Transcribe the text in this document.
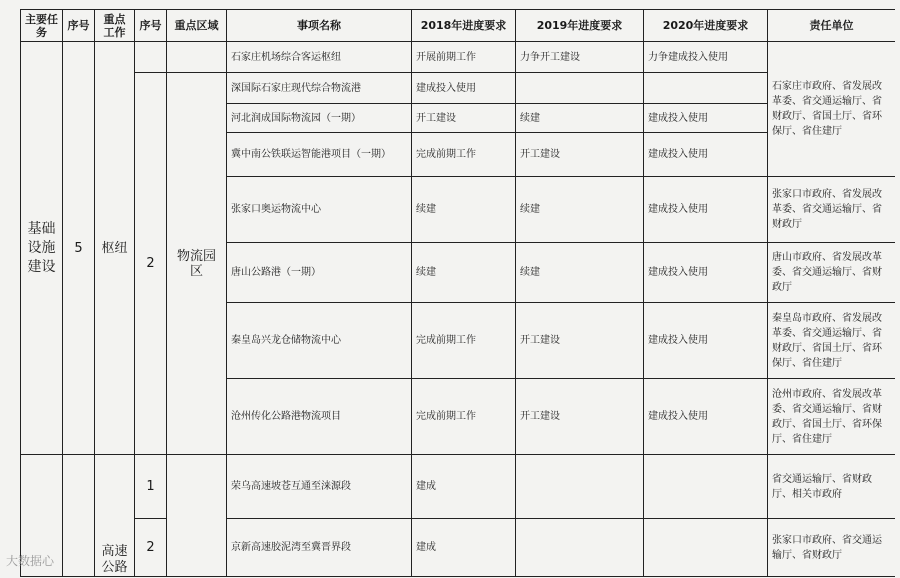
主要任务	序号	重点工作	序号	重点区域	事项名称	2018年进度要求	2019年进度要求	2020年进度要求	责任单位
基础设施建设	5	枢纽			石家庄机场综合客运枢纽	开展前期工作	力争开工建设	力争建成投入使用	石家庄市政府、省发展改革委、省交通运输厅、省财政厅、省国土厅、省环保厅、省住建厅
			2	物流园区	深国际石家庄现代综合物流港	建成投入使用			
					河北润成国际物流园（一期）	开工建设	续建	建成投入使用	
					冀中南公铁联运智能港项目（一期）	完成前期工作	开工建设	建成投入使用	
					张家口奥运物流中心	续建	续建	建成投入使用	张家口市政府、省发展改革委、省交通运输厅、省财政厅
					唐山公路港（一期）	续建	续建	建成投入使用	唐山市政府、省发展改革委、省交通运输厅、省财政厅
					秦皇岛兴龙仓储物流中心	完成前期工作	开工建设	建成投入使用	秦皇岛市政府、省发展改革委、省交通运输厅、省财政厅、省国土厅、省环保厅、省住建厅
					沧州传化公路港物流项目	完成前期工作	开工建设	建成投入使用	沧州市政府、省发展改革委、省交通运输厅、省财政厅、省国土厅、省环保厅、省住建厅
		高速公路	1		荣乌高速坡苍互通至涞源段	建成			省交通运输厅、省财政厅、相关市政府
			2		京新高速胶泥湾至冀晋界段	建成			张家口市政府、省交通运输厅、省财政厅
大数据心
